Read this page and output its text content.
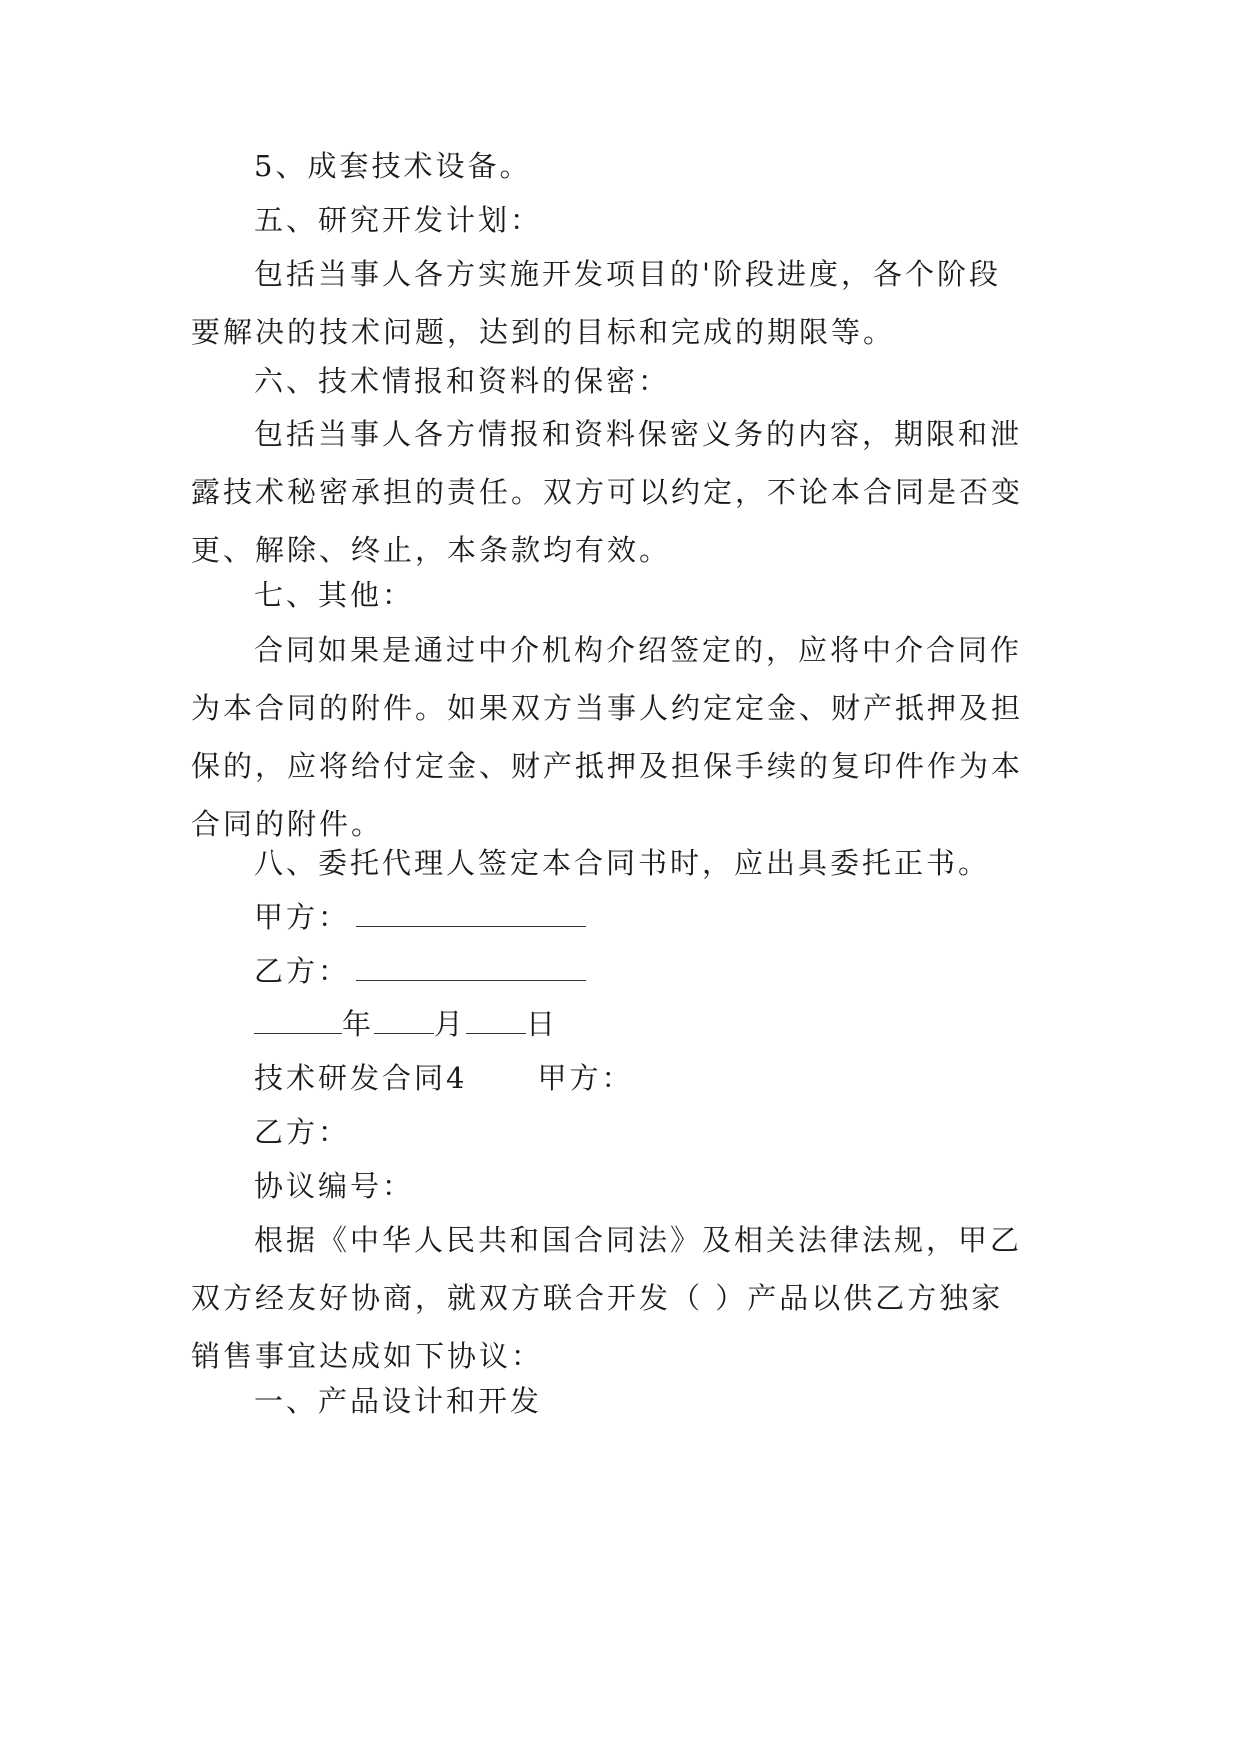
5、成套技术设备。

五、研究开发计划：

包括当事人各方实施开发项目的'阶段进度，各个阶段
要解决的技术问题，达到的目标和完成的期限等。

六、技术情报和资料的保密：

包括当事人各方情报和资料保密义务的内容，期限和泄
露技术秘密承担的责任。双方可以约定，不论本合同是否变
更、解除、终止，本条款均有效。

七、其他：

合同如果是通过中介机构介绍签定的，应将中介合同作
为本合同的附件。如果双方当事人约定定金、财产抵押及担
保的，应将给付定金、财产抵押及担保手续的复印件作为本
合同的附件。

八、委托代理人签定本合同书时，应出具委托正书。

甲方：

乙方：

年 月 日

技术研发合同4 甲方：

乙方：

协议编号：

根据《中华人民共和国合同法》及相关法律法规，甲乙
双方经友好协商，就双方联合开发（ ）产品以供乙方独家
销售事宜达成如下协议：

一、产品设计和开发
